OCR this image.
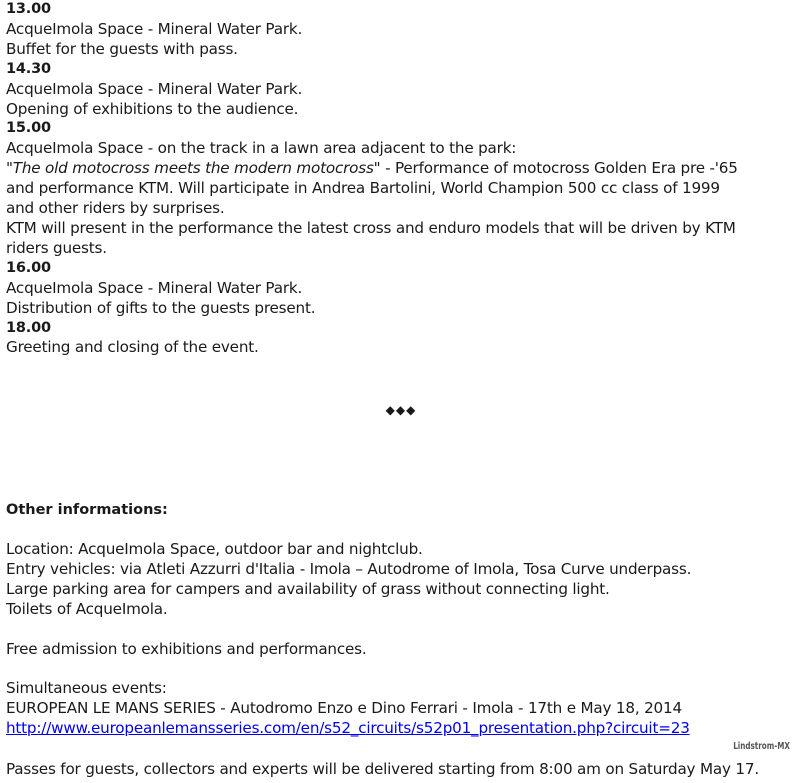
13.00
AcqueImola Space - Mineral Water Park.
Buffet for the guests with pass.
14.30
AcqueImola Space - Mineral Water Park.
Opening of exhibitions to the audience.
15.00
AcqueImola Space - on the track in a lawn area adjacent to the park:
"The old motocross meets the modern motocross" - Performance of motocross Golden Era pre -'65
and performance KTM. Will participate in Andrea Bartolini, World Champion 500 cc class of 1999
and other riders by surprises.
KTM will present in the performance the latest cross and enduro models that will be driven by KTM
riders guests.
16.00
AcqueImola Space - Mineral Water Park.
Distribution of gifts to the guests present.
18.00
Greeting and closing of the event.
◆◆◆
Other informations:
Location: AcqueImola Space, outdoor bar and nightclub.
Entry vehicles: via Atleti Azzurri d'Italia - Imola – Autodrome of Imola, Tosa Curve underpass.
Large parking area for campers and availability of grass without connecting light.
Toilets of AcqueImola.
Free admission to exhibitions and performances.
Simultaneous events:
EUROPEAN LE MANS SERIES - Autodromo Enzo e Dino Ferrari - Imola - 17th e May 18, 2014
http://www.europeanlemansseries.com/en/s52_circuits/s52p01_presentation.php?circuit=23
Lindstrom-MX
Passes for guests, collectors and experts will be delivered starting from 8:00 am on Saturday May 17.
